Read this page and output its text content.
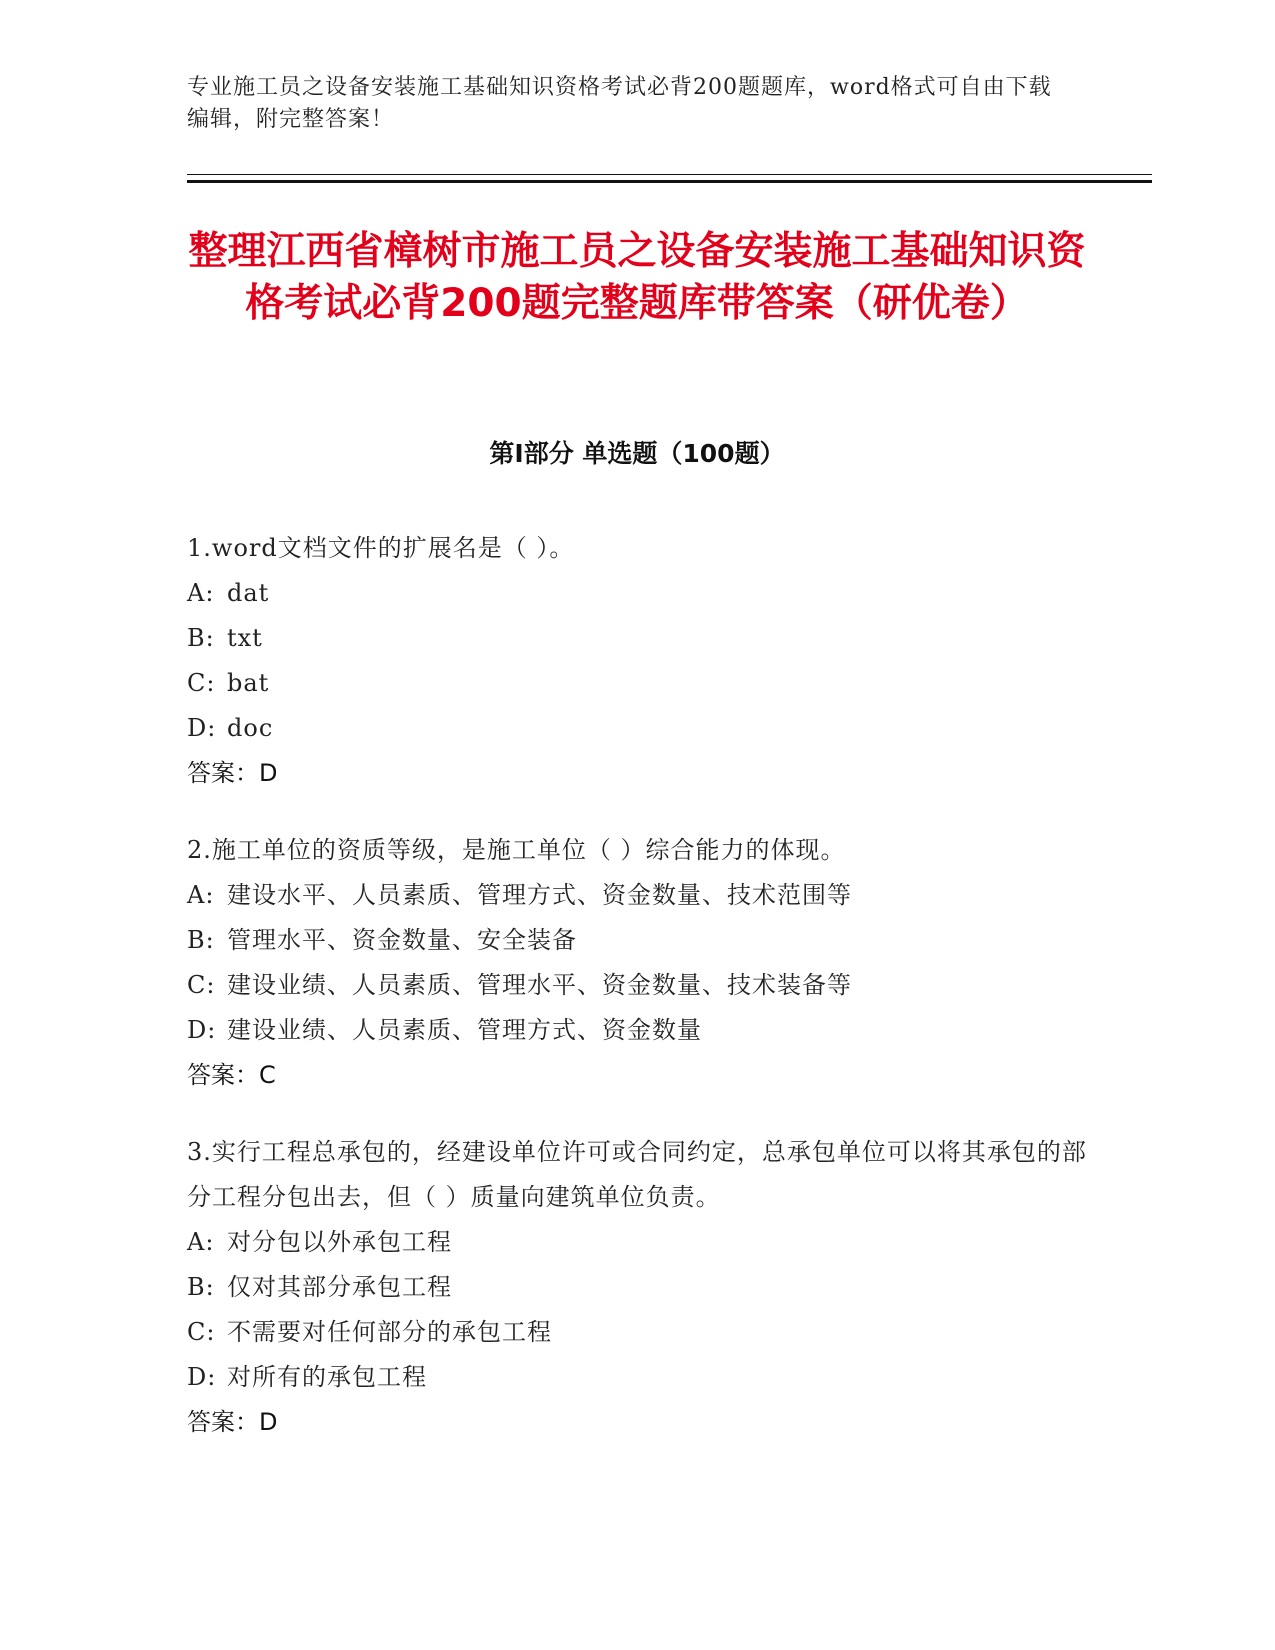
专业施工员之设备安装施工基础知识资格考试必背200题题库，word格式可自由下载编辑，附完整答案！
整理江西省樟树市施工员之设备安装施工基础知识资格考试必背200题完整题库带答案（研优卷）
第I部分 单选题（100题）

1.word文档文件的扩展名是（ ）。

A: dat

B: txt

C: bat

D: doc

答案：D

2.施工单位的资质等级，是施工单位（ ）综合能力的体现。

A: 建设水平、人员素质、管理方式、资金数量、技术范围等

B: 管理水平、资金数量、安全装备

C: 建设业绩、人员素质、管理水平、资金数量、技术装备等

D: 建设业绩、人员素质、管理方式、资金数量

答案：C

3.实行工程总承包的，经建设单位许可或合同约定，总承包单位可以将其承包的部分工程分包出去，但（ ）质量向建筑单位负责。

A: 对分包以外承包工程

B: 仅对其部分承包工程

C: 不需要对任何部分的承包工程

D: 对所有的承包工程

答案：D
